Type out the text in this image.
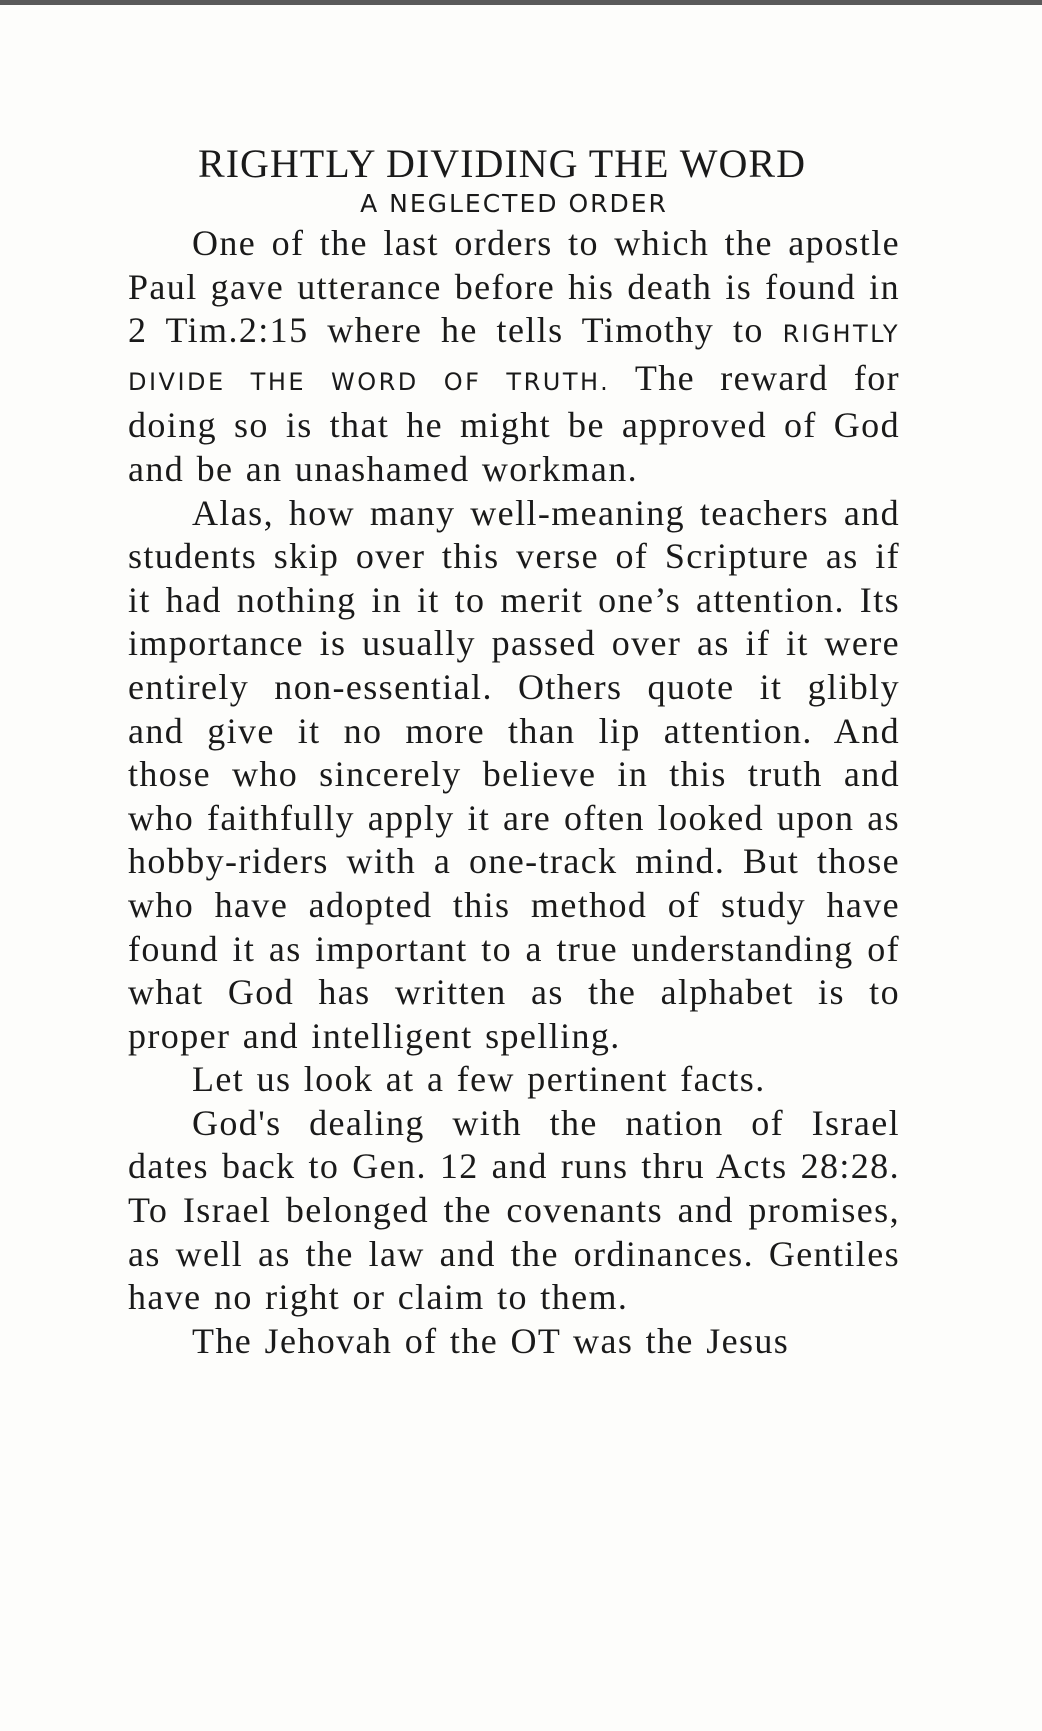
RIGHTLY DIVIDING THE WORD
A NEGLECTED ORDER

One of the last orders to which the apostle Paul gave utterance before his death is found in 2 Tim.2:15 where he tells Timothy to RIGHTLY DIVIDE THE WORD OF TRUTH. The reward for doing so is that he might be approved of God and be an unashamed workman.

Alas, how many well-meaning teachers and students skip over this verse of Scripture as if it had nothing in it to merit one’s attention. Its importance is usually passed over as if it were entirely non-essential. Others quote it glibly and give it no more than lip attention. And those who sincerely believe in this truth and who faithfully apply it are often looked upon as hobby-riders with a one-track mind. But those who have adopted this method of study have found it as important to a true understanding of what God has written as the alphabet is to proper and intelligent spelling.

Let us look at a few pertinent facts.

God's dealing with the nation of Israel dates back to Gen. 12 and runs thru Acts 28:28. To Israel belonged the covenants and promises, as well as the law and the ordinances. Gentiles have no right or claim to them.

The Jehovah of the OT was the Jesus
